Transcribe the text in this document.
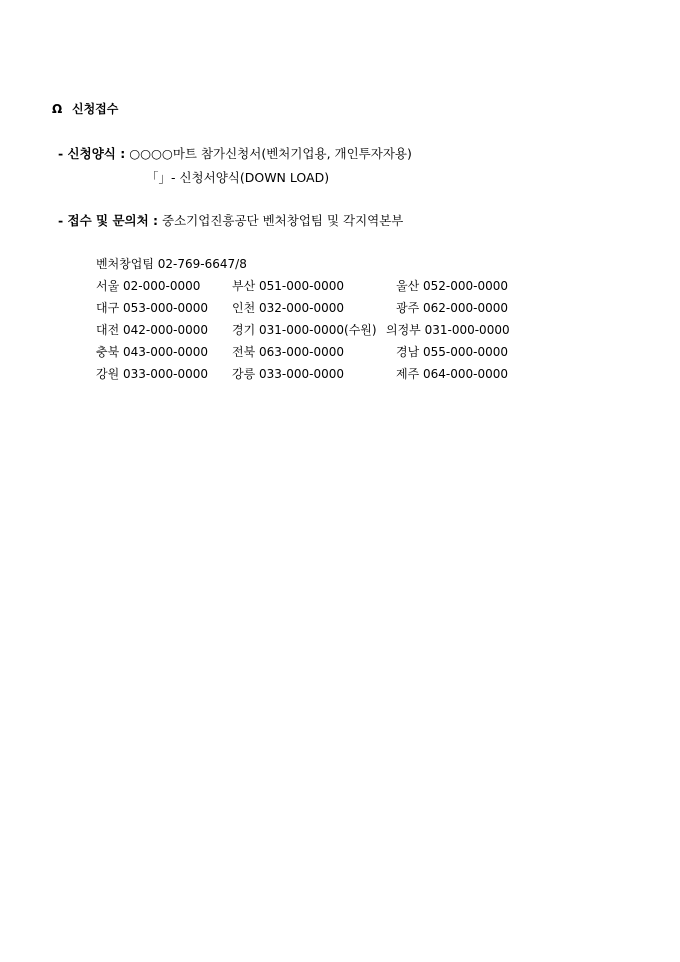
Ω 신청접수
- 신청양식 : ○○○○마트 참가신청서(벤처기업용, 개인투자자용)
「」- 신청서양식(DOWN LOAD)
- 접수 및 문의처 : 중소기업진흥공단 벤처창업팀 및 각지역본부
벤처창업팀 02-769-6647/8
서울 02-000-0000	부산 051-000-0000	울산 052-000-0000
대구 053-000-0000 인천 032-000-0000	광주 062-000-0000
대전 042-000-0000 경기 031-000-0000(수원) 의정부 031-000-0000
충북 043-000-0000 전북 063-000-0000	경남 055-000-0000
강원 033-000-0000 강릉 033-000-0000	제주 064-000-0000
